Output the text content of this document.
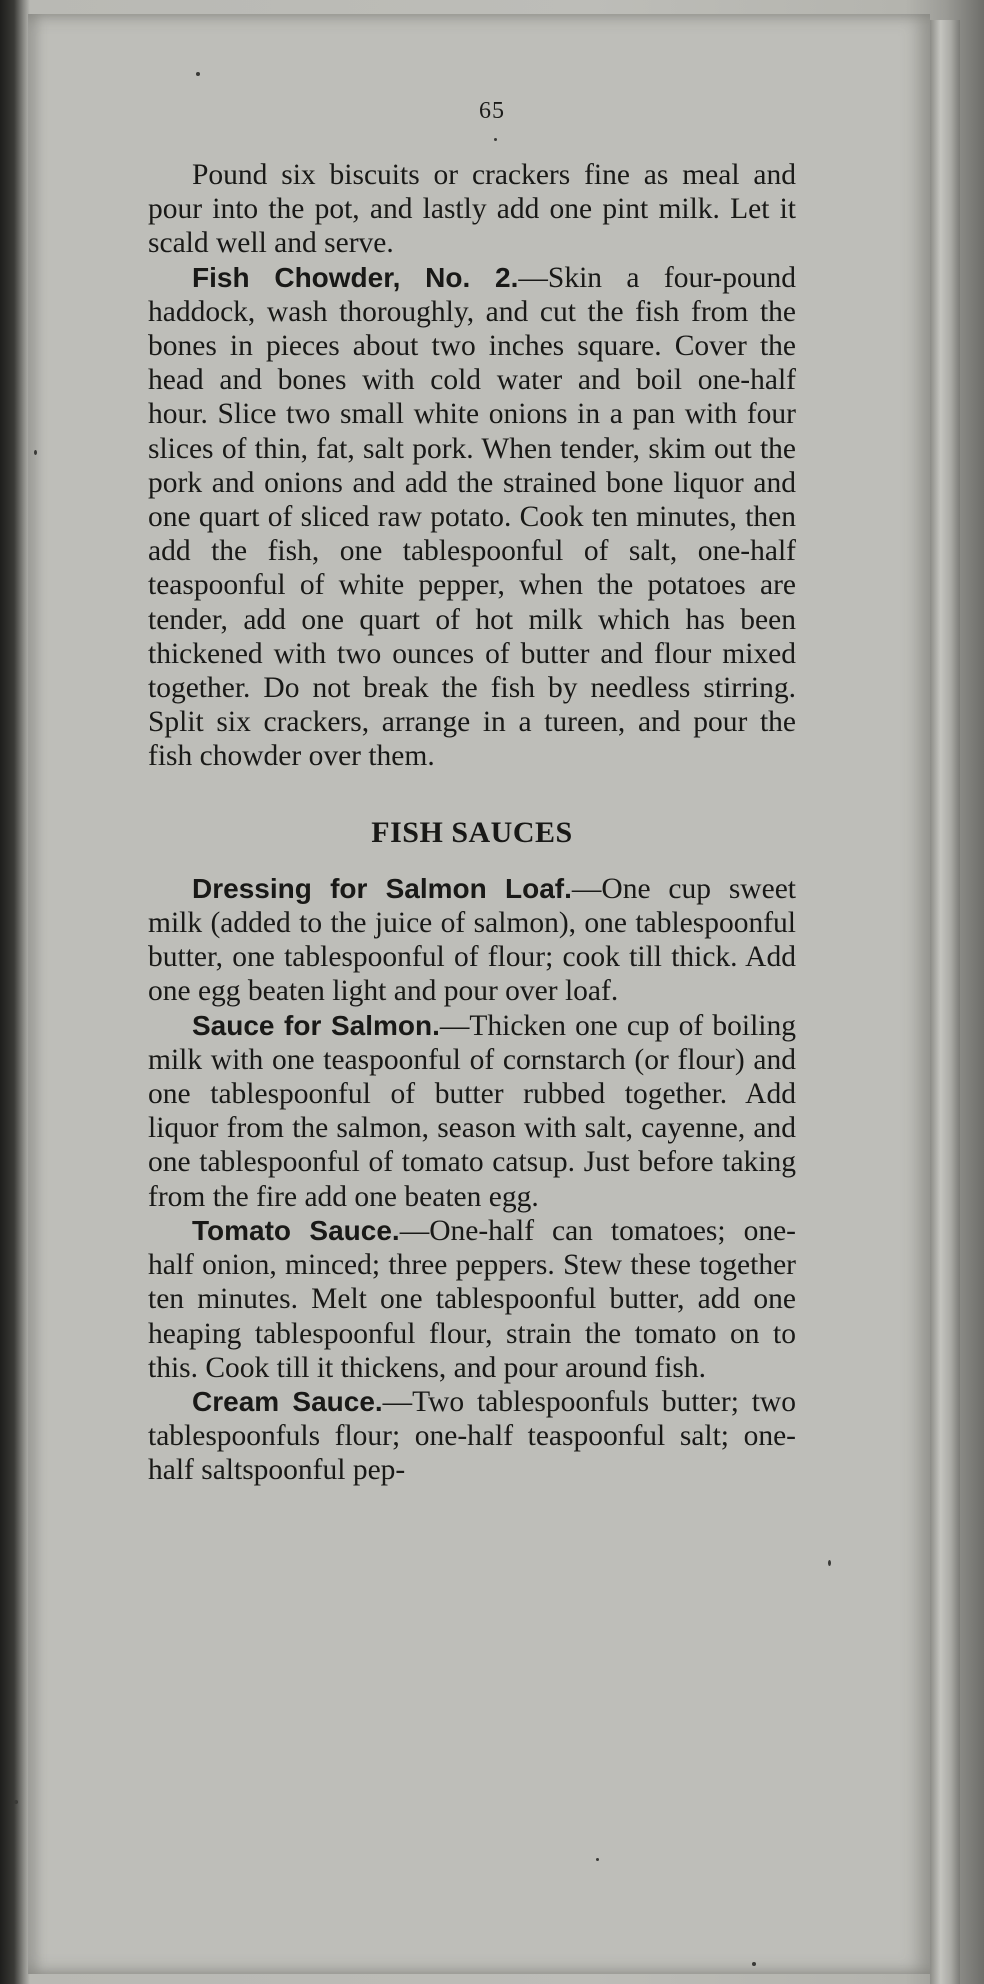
65

Pound six biscuits or crackers fine as meal and pour into the pot, and lastly add one pint milk. Let it scald well and serve.

Fish Chowder, No. 2.—Skin a four-pound haddock, wash thoroughly, and cut the fish from the bones in pieces about two inches square. Cover the head and bones with cold water and boil one-half hour. Slice two small white onions in a pan with four slices of thin, fat, salt pork. When tender, skim out the pork and onions and add the strained bone liquor and one quart of sliced raw potato. Cook ten minutes, then add the fish, one tablespoonful of salt, one-half teaspoonful of white pepper, when the potatoes are tender, add one quart of hot milk which has been thickened with two ounces of butter and flour mixed together. Do not break the fish by needless stirring. Split six crackers, arrange in a tureen, and pour the fish chowder over them.

FISH SAUCES

Dressing for Salmon Loaf.—One cup sweet milk (added to the juice of salmon), one tablespoonful butter, one tablespoonful of flour; cook till thick. Add one egg beaten light and pour over loaf.

Sauce for Salmon.—Thicken one cup of boiling milk with one teaspoonful of cornstarch (or flour) and one tablespoonful of butter rubbed together. Add liquor from the salmon, season with salt, cayenne, and one tablespoonful of tomato catsup. Just before taking from the fire add one beaten egg.

Tomato Sauce.—One-half can tomatoes; one-half onion, minced; three peppers. Stew these together ten minutes. Melt one tablespoonful butter, add one heaping tablespoonful flour, strain the tomato on to this. Cook till it thickens, and pour around fish.

Cream Sauce.—Two tablespoonfuls butter; two tablespoonfuls flour; one-half teaspoonful salt; one-half saltspoonful pep-
